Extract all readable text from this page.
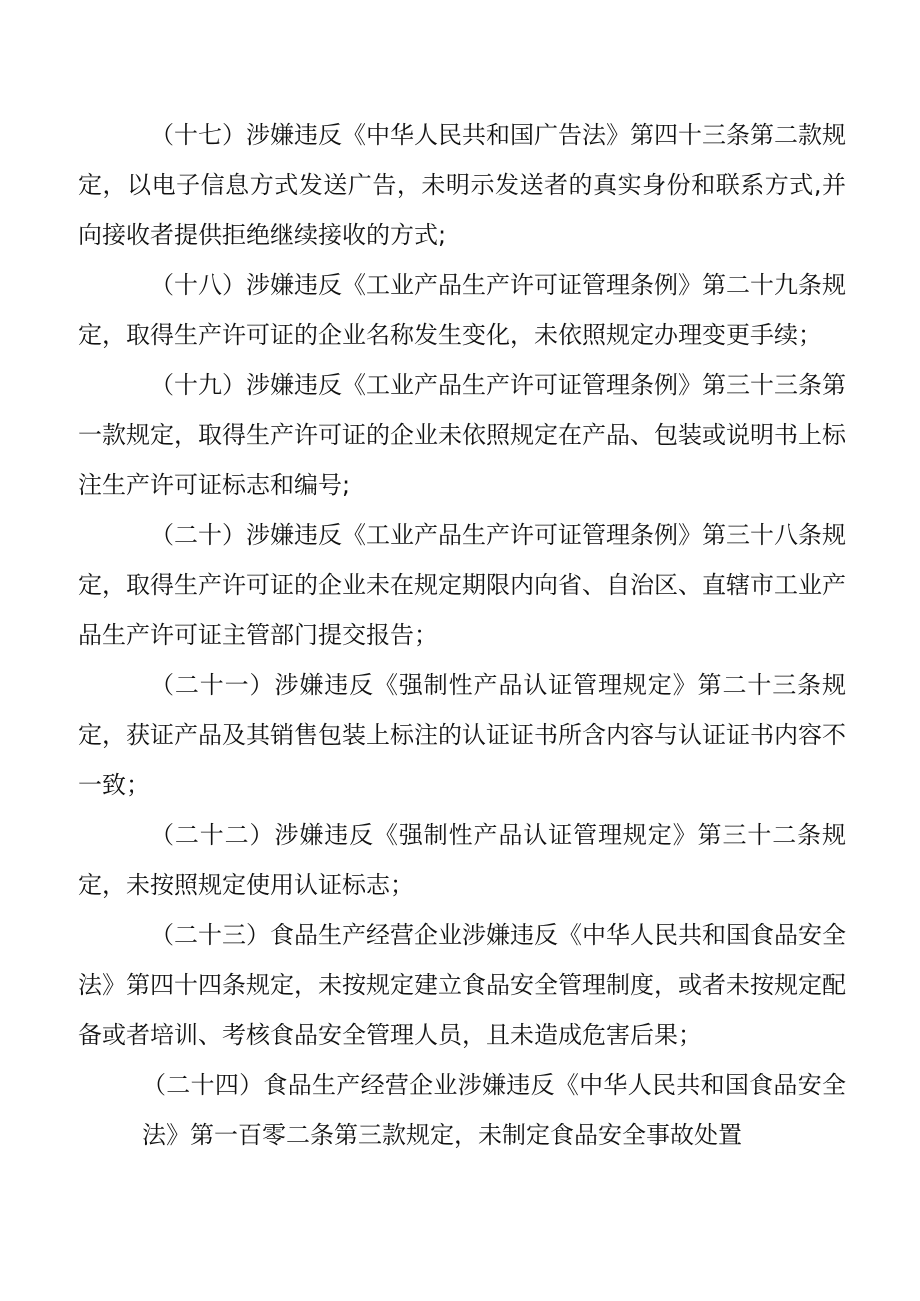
（十七）涉嫌违反《中华人民共和国广告法》第四十三条第二款规定，以电子信息方式发送广告，未明示发送者的真实身份和联系方式,并向接收者提供拒绝继续接收的方式;

（十八）涉嫌违反《工业产品生产许可证管理条例》第二十九条规定，取得生产许可证的企业名称发生变化，未依照规定办理变更手续；

（十九）涉嫌违反《工业产品生产许可证管理条例》第三十三条第一款规定，取得生产许可证的企业未依照规定在产品、包装或说明书上标注生产许可证标志和编号;

（二十）涉嫌违反《工业产品生产许可证管理条例》第三十八条规定，取得生产许可证的企业未在规定期限内向省、自治区、直辖市工业产品生产许可证主管部门提交报告；

（二十一）涉嫌违反《强制性产品认证管理规定》第二十三条规定，获证产品及其销售包装上标注的认证证书所含内容与认证证书内容不一致；

（二十二）涉嫌违反《强制性产品认证管理规定》第三十二条规定，未按照规定使用认证标志；

（二十三）食品生产经营企业涉嫌违反《中华人民共和国食品安全法》第四十四条规定，未按规定建立食品安全管理制度，或者未按规定配备或者培训、考核食品安全管理人员，且未造成危害后果；

（二十四）食品生产经营企业涉嫌违反《中华人民共和国食品安全法》第一百零二条第三款规定，未制定食品安全事故处置
